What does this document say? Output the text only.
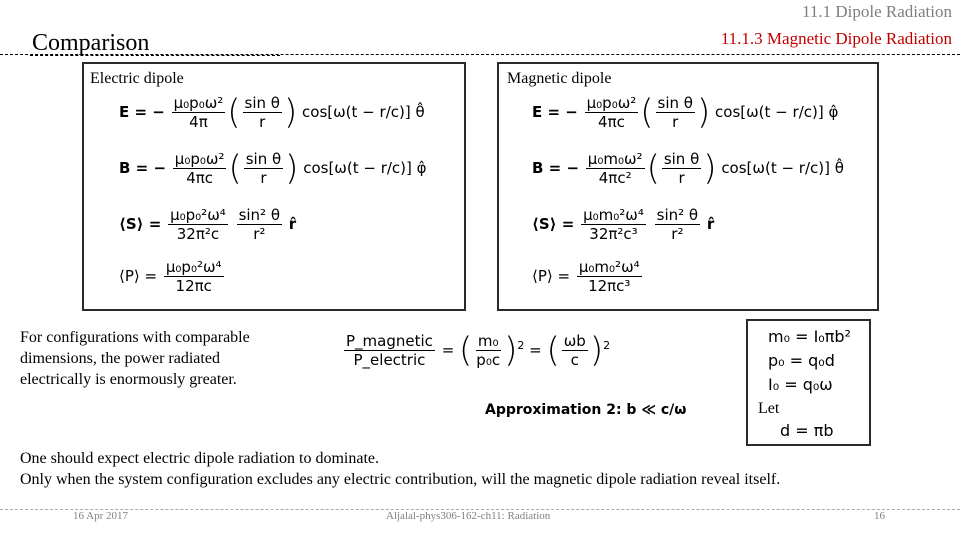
11.1 Dipole Radiation
11.1.3 Magnetic Dipole Radiation
Comparison
Electric dipole
E = − $\frac{\text{μ₀p₀ω²}}{4\pi}$ ( $\frac{\text{sin θ}}{r}$ ) cos[ω(t − r/c)] θ̂
B = − $\frac{\text{μ₀p₀ω²}}{4\pi c}$ ( $\frac{\text{sin θ}}{r}$ ) cos[ω(t − r/c)] φ̂
⟨S⟩ = $\frac{\text{μ₀p₀²ω⁴}}{\text{32π²c}}$
$\frac{\text{sin² θ}}{\text{r²}}$ r̂
⟨P⟩ = $\frac{\text{μ₀p₀²ω⁴}}{12\pi c}$
Magnetic dipole
E = − $\frac{\text{μ₀p₀ω²}}{4\pi c}$ ( $\frac{\text{sin θ}}{r}$ ) cos[ω(t − r/c)] φ̂
B = − $\frac{\text{μ₀m₀ω²}}{\text{4πc²}}$ ( $\frac{\text{sin θ}}{r}$ ) cos[ω(t − r/c)] θ̂
⟨S⟩ = $\frac{\text{μ₀m₀²ω⁴}}{\text{32π²c³}}$
$\frac{\text{sin² θ}}{\text{r²}}$ r̂
⟨P⟩ = $\frac{\text{μ₀m₀²ω⁴}}{\text{12πc³}}$
For configurations with comparable dimensions, the power radiated electrically is enormously greater.
$\frac{\text{P\_magnetic}}{\text{P\_electric}}$ = ( $\frac{\text{m₀}}{\text{p₀c}} )^2$ = ( $\frac{\omega b}{c} )^2$
Approximation 2: b ≪ c/ω	Let
m₀ = I₀πb²
p₀ = q₀d
I₀ = q₀ω
d = πb
One should expect electric dipole radiation to dominate.
Only when the system configuration excludes any electric contribution, will the magnetic dipole radiation reveal itself.
16 Apr 2017	Aljalal-phys306-162-ch11: Radiation	16
